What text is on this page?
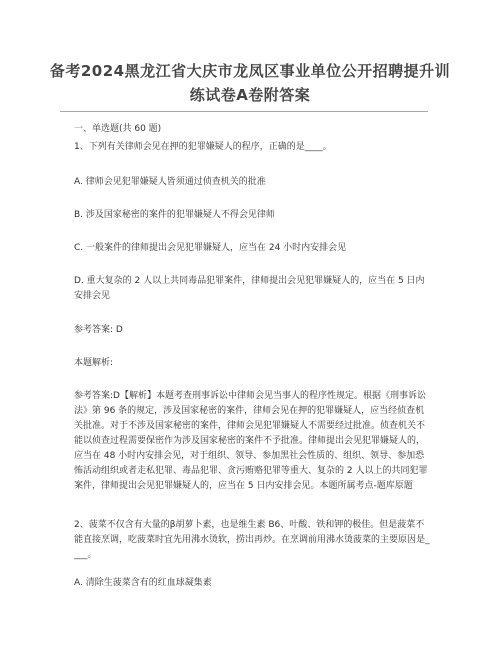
备考2024黑龙江省大庆市龙凤区事业单位公开招聘提升训
练试卷A卷附答案

一、单选题(共 60 题)

1、下列有关律师会见在押的犯罪嫌疑人的程序，正确的是____。

A. 律师会见犯罪嫌疑人皆须通过侦查机关的批准

B. 涉及国家秘密的案件的犯罪嫌疑人不得会见律师

C. 一般案件的律师提出会见犯罪嫌疑人，应当在 24 小时内安排会见

D. 重大复杂的 2 人以上共同毒品犯罪案件，律师提出会见犯罪嫌疑人的，应当在 5 日内安排会见

参考答案: D

本题解析:

参考答案:D【解析】本题考查刑事诉讼中律师会见当事人的程序性规定。根据《刑事诉讼法》第 96 条的规定，涉及国家秘密的案件，律师会见在押的犯罪嫌疑人，应当经侦查机关批准。对于不涉及国家秘密的案件，律师会见犯罪嫌疑人不需要经过批准。侦查机关不能以侦查过程需要保密作为涉及国家秘密的案件不予批准。律师提出会见犯罪嫌疑人的，应当在 48 小时内安排会见，对于组织、领导、参加黑社会性质的、组织、领导、参加恐怖活动组织或者走私犯罪、毒品犯罪、贪污贿赂犯罪等重大、复杂的 2 人以上的共同犯罪案件，律师提出会见犯罪嫌疑人的，应当在 5 日内安排会见。本题所属考点-题库原题

2、菠菜不仅含有大量的β胡萝卜素，也是维生素 B6、叶酸、铁和钾的极佳。但是菠菜不能直接烹调，吃菠菜时宜先用沸水烫软，捞出再炒。在烹调前用沸水烫菠菜的主要原因是____。

A. 清除生菠菜含有的红血球凝集素
